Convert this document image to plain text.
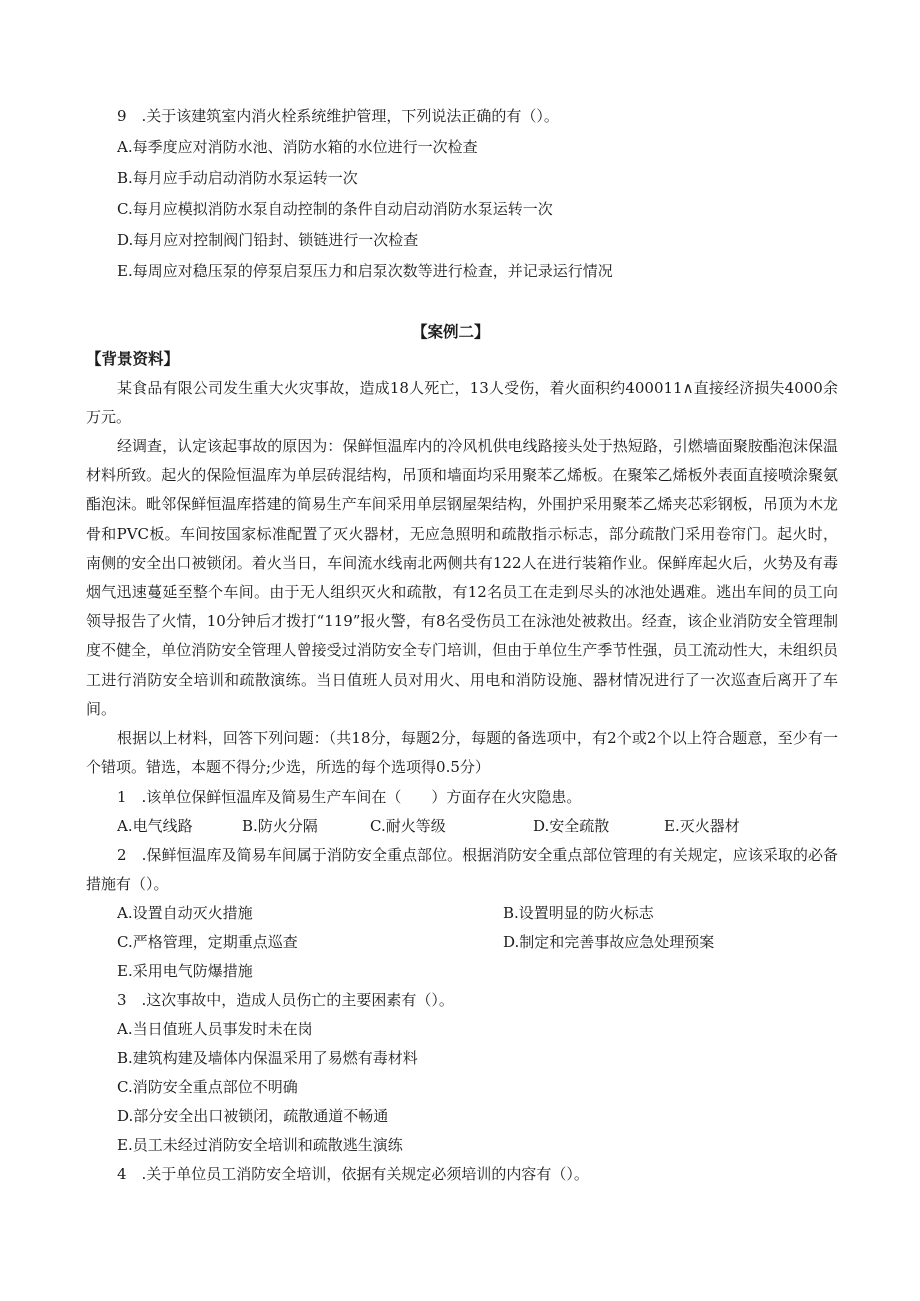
9　.关于该建筑室内消火栓系统维护管理，下列说法正确的有（）。
A.每季度应对消防水池、消防水箱的水位进行一次检查
B.每月应手动启动消防水泵运转一次
C.每月应模拟消防水泵自动控制的条件自动启动消防水泵运转一次
D.每月应对控制阀门铅封、锁链进行一次检查
E.每周应对稳压泵的停泵启泵压力和启泵次数等进行检查，并记录运行情况
【案例二】
【背景资料】
某食品有限公司发生重大火灾事故，造成18人死亡，13人受伤，着火面积约400011∧直接经济损失4000余万元。
经调查，认定该起事故的原因为：保鲜恒温库内的冷风机供电线路接头处于热短路，引燃墙面聚胺酯泡沫保温材料所致。起火的保险恒温库为单层砖混结构，吊顶和墙面均采用聚苯乙烯板。在聚笨乙烯板外表面直接喷涂聚氨酯泡沫。毗邻保鲜恒温库搭建的简易生产车间采用单层钢屋架结构，外围护采用聚苯乙烯夹芯彩钢板，吊顶为木龙骨和PVC板。车间按国家标准配置了灭火器材，无应急照明和疏散指示标志，部分疏散门采用卷帘门。起火时，南侧的安全出口被锁闭。着火当日，车间流水线南北两侧共有122人在进行装箱作业。保鲜库起火后，火势及有毒烟气迅速蔓延至整个车间。由于无人组织灭火和疏散，有12名员工在走到尽头的冰池处遇难。逃出车间的员工向领导报告了火情，10分钟后才拨打“119”报火警，有8名受伤员工在泳池处被救出。经查，该企业消防安全管理制度不健全，单位消防安全管理人曾接受过消防安全专门培训，但由于单位生产季节性强，员工流动性大，未组织员工进行消防安全培训和疏散演练。当日值班人员对用火、用电和消防设施、器材情况进行了一次巡查后离开了车间。
根据以上材料，回答下列问题：（共18分，每题2分，每题的备选项中，有2个或2个以上符合题意，至少有一个错项。错选，本题不得分;少选，所选的每个选项得0.5分）
1　.该单位保鲜恒温库及简易生产车间在（　　）方面存在火灾隐患。
A.电气线路	B.防火分隔	C.耐火等级	D.安全疏散	E.灭火器材
2　.保鲜恒温库及简易车间属于消防安全重点部位。根据消防安全重点部位管理的有关规定，应该采取的必备措施有（）。
A.设置自动灭火措施	B.设置明显的防火标志
C.严格管理，定期重点巡查	D.制定和完善事故应急处理预案
E.采用电气防爆措施
3　.这次事故中，造成人员伤亡的主要困素有（）。
A.当日值班人员事发时未在岗
B.建筑构建及墙体内保温采用了易燃有毒材料
C.消防安全重点部位不明确
D.部分安全出口被锁闭，疏散通道不畅通
E.员工未经过消防安全培训和疏散逃生演练
4　.关于单位员工消防安全培训，依据有关规定必须培训的内容有（）。
